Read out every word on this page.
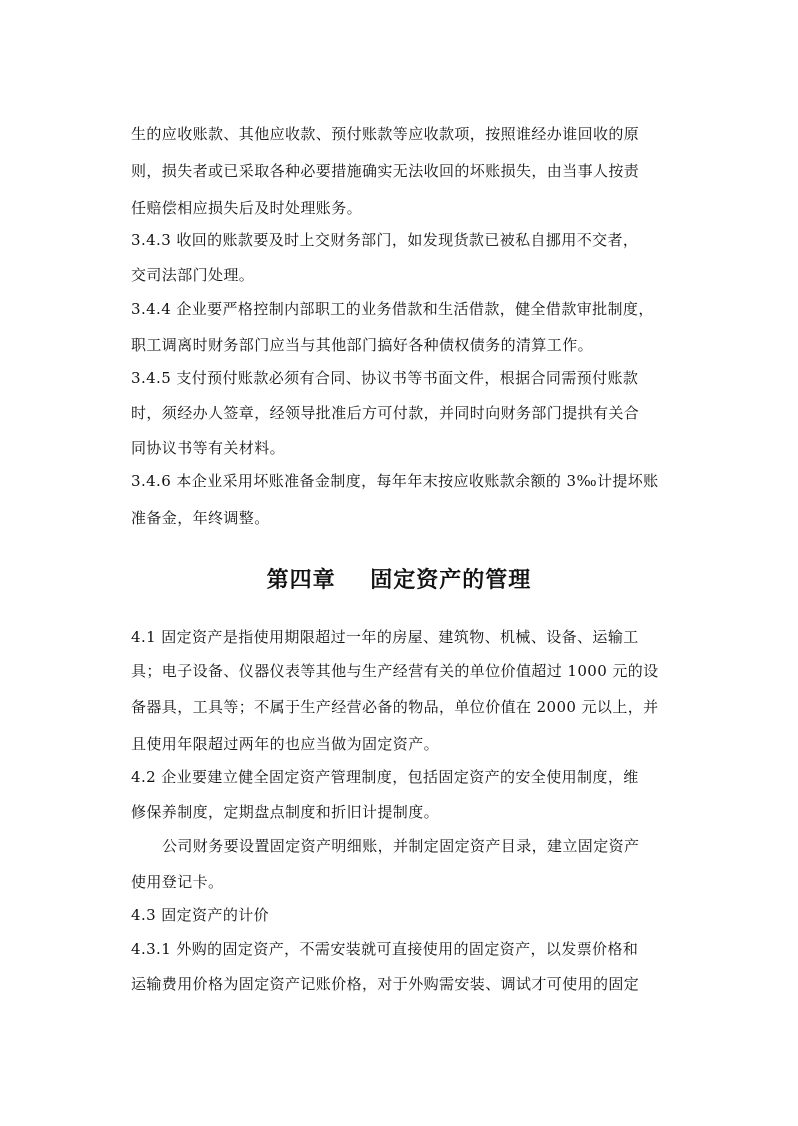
生的应收账款、其他应收款、预付账款等应收款项，按照谁经办谁回收的原
则，损失者或已采取各种必要措施确实无法收回的坏账损失，由当事人按责
任赔偿相应损失后及时处理账务。
3.4.3 收回的账款要及时上交财务部门，如发现货款已被私自挪用不交者，
交司法部门处理。
3.4.4 企业要严格控制内部职工的业务借款和生活借款，健全借款审批制度，
职工调离时财务部门应当与其他部门搞好各种债权债务的清算工作。
3.4.5 支付预付账款必须有合同、协议书等书面文件，根据合同需预付账款
时，须经办人签章，经领导批准后方可付款，并同时向财务部门提拱有关合
同协议书等有关材料。
3.4.6 本企业采用坏账准备金制度，每年年末按应收账款余额的 3‰计提坏账
准备金，年终调整。
第四章    固定资产的管理
4.1 固定资产是指使用期限超过一年的房屋、建筑物、机械、设备、运输工
具；电子设备、仪器仪表等其他与生产经营有关的单位价值超过 1000 元的设
备器具，工具等；不属于生产经营必备的物品，单位价值在 2000 元以上，并
且使用年限超过两年的也应当做为固定资产。
4.2 企业要建立健全固定资产管理制度，包括固定资产的安全使用制度，维
修保养制度，定期盘点制度和折旧计提制度。
公司财务要设置固定资产明细账，并制定固定资产目录，建立固定资产
使用登记卡。
4.3 固定资产的计价
4.3.1 外购的固定资产，不需安装就可直接使用的固定资产，以发票价格和
运输费用价格为固定资产记账价格，对于外购需安装、调试才可使用的固定
